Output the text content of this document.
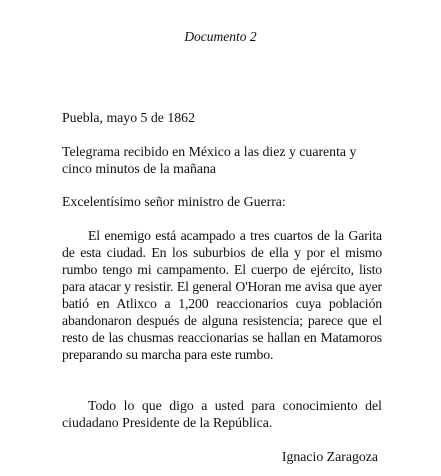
Documento 2
Puebla, mayo 5 de 1862
Telegrama recibido en México a las diez y cuarenta y cinco minutos de la mañana
Excelentísimo señor ministro de Guerra:
El enemigo está acampado a tres cuartos de la Garita de esta ciudad. En los suburbios de ella y por el mismo rumbo tengo mi campamento. El cuerpo de ejército, listo para atacar y resistir. El general O'Horan me avisa que ayer batió en Atlixco a 1,200 reaccionarios cuya población abandonaron después de alguna resistencia; parece que el resto de las chusmas reaccionarias se hallan en Matamoros preparando su marcha para este rumbo.
Todo lo que digo a usted para conocimiento del ciudadano Presidente de la República.
Ignacio Zaragoza
